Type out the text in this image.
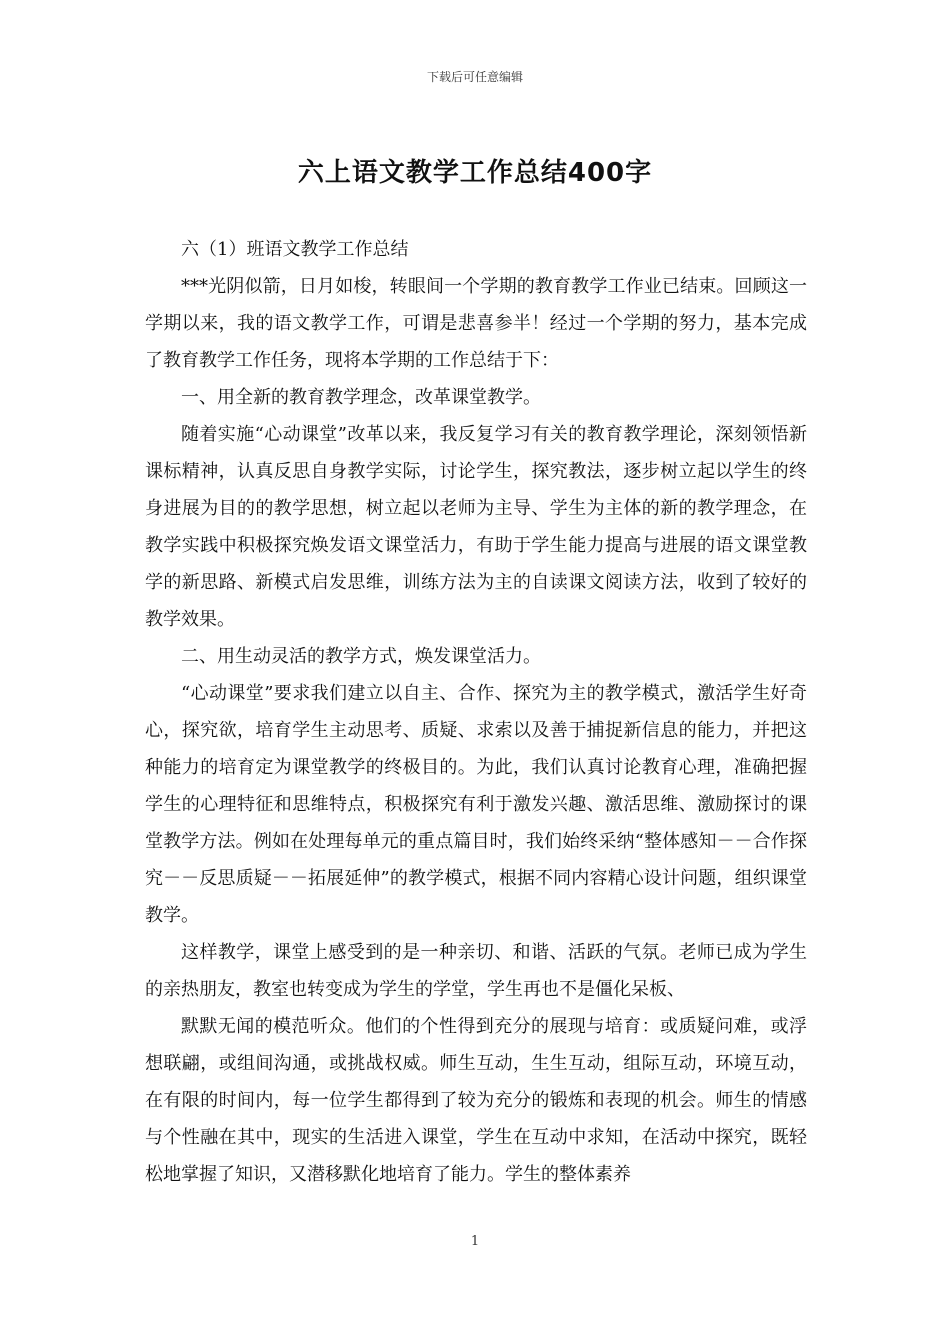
下载后可任意编辑
六上语文教学工作总结400字

六（1）班语文教学工作总结

***光阴似箭，日月如梭，转眼间一个学期的教育教学工作业已结束。回顾这一学期以来，我的语文教学工作，可谓是悲喜参半！经过一个学期的努力，基本完成了教育教学工作任务，现将本学期的工作总结于下：

一、用全新的教育教学理念，改革课堂教学。

随着实施“心动课堂”改革以来，我反复学习有关的教育教学理论，深刻领悟新课标精神，认真反思自身教学实际，讨论学生，探究教法，逐步树立起以学生的终身进展为目的的教学思想，树立起以老师为主导、学生为主体的新的教学理念，在教学实践中积极探究焕发语文课堂活力，有助于学生能力提高与进展的语文课堂教学的新思路、新模式启发思维，训练方法为主的自读课文阅读方法，收到了较好的教学效果。

二、用生动灵活的教学方式，焕发课堂活力。

“心动课堂”要求我们建立以自主、合作、探究为主的教学模式，激活学生好奇心，探究欲，培育学生主动思考、质疑、求索以及善于捕捉新信息的能力，并把这种能力的培育定为课堂教学的终极目的。为此，我们认真讨论教育心理，准确把握学生的心理特征和思维特点，积极探究有利于激发兴趣、激活思维、激励探讨的课堂教学方法。例如在处理每单元的重点篇目时，我们始终采纳“整体感知－－合作探究－－反思质疑－－拓展延伸”的教学模式，根据不同内容精心设计问题，组织课堂教学。

这样教学，课堂上感受到的是一种亲切、和谐、活跃的气氛。老师已成为学生的亲热朋友，教室也转变成为学生的学堂，学生再也不是僵化呆板、

默默无闻的模范听众。他们的个性得到充分的展现与培育：或质疑问难，或浮想联翩，或组间沟通，或挑战权威。师生互动，生生互动，组际互动，环境互动，在有限的时间内，每一位学生都得到了较为充分的锻炼和表现的机会。师生的情感与个性融在其中，现实的生活进入课堂，学生在互动中求知，在活动中探究，既轻松地掌握了知识，又潜移默化地培育了能力。学生的整体素养

1
